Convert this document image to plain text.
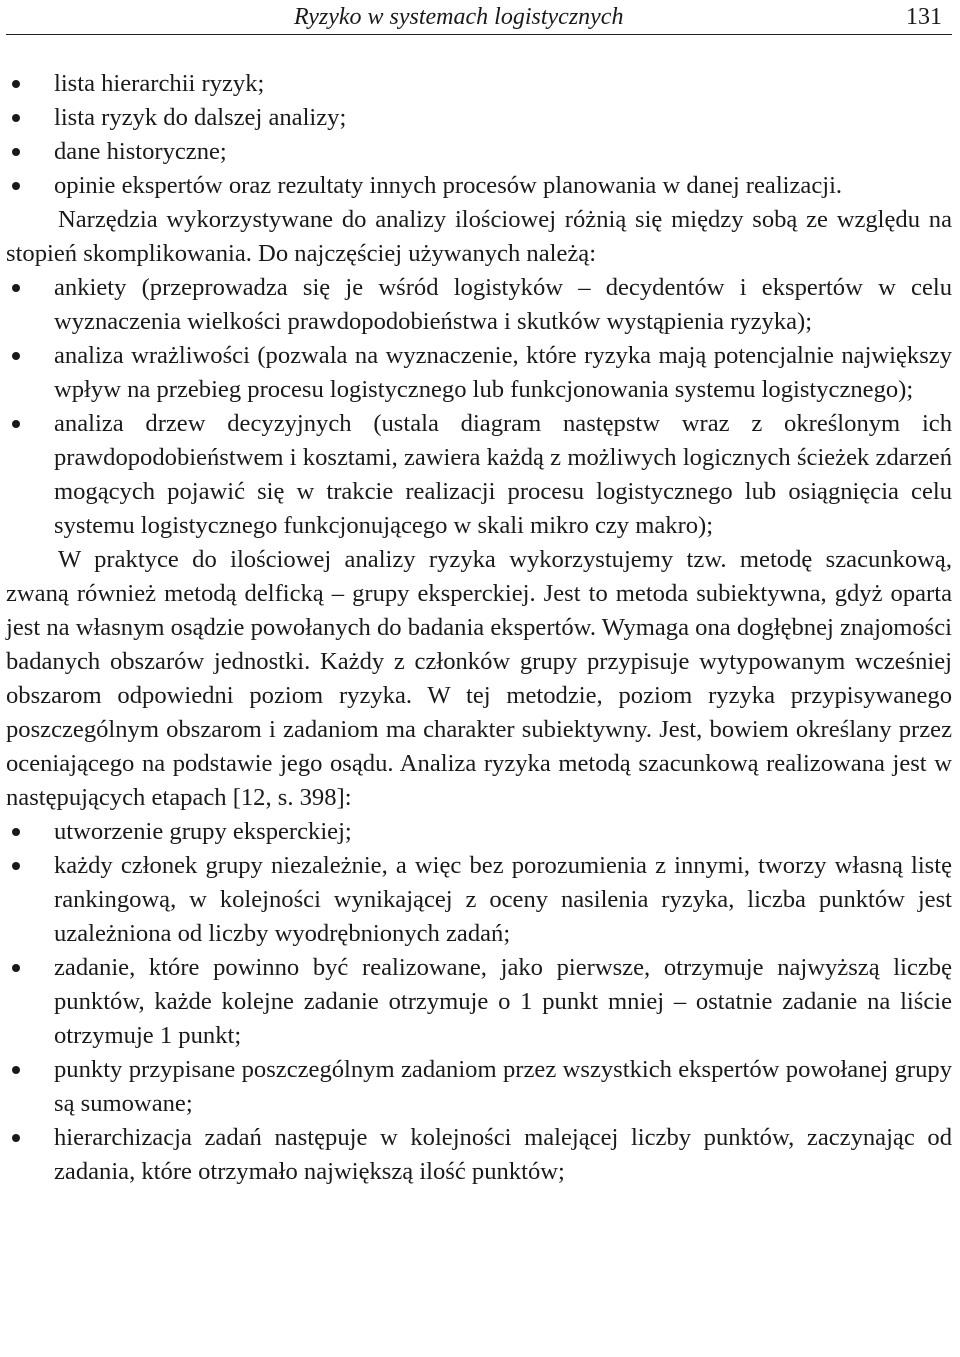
Ryzyko w systemach logistycznych	131
lista hierarchii ryzyk;
lista ryzyk do dalszej analizy;
dane historyczne;
opinie ekspertów oraz rezultaty innych procesów planowania w danej realizacji.

Narzędzia wykorzystywane do analizy ilościowej różnią się między sobą ze względu na stopień skomplikowania. Do najczęściej używanych należą:

ankiety (przeprowadza się je wśród logistyków – decydentów i ekspertów w celu wyznaczenia wielkości prawdopodobieństwa i skutków wystąpienia ryzyka);
analiza wrażliwości (pozwala na wyznaczenie, które ryzyka mają potencjalnie największy wpływ na przebieg procesu logistycznego lub funkcjonowania systemu logistycznego);
analiza drzew decyzyjnych (ustala diagram następstw wraz z określonym ich prawdopodobieństwem i kosztami, zawiera każdą z możliwych logicznych ścieżek zdarzeń mogących pojawić się w trakcie realizacji procesu logistycznego lub osiągnięcia celu systemu logistycznego funkcjonującego w skali mikro czy makro);

W praktyce do ilościowej analizy ryzyka wykorzystujemy tzw. metodę szacunkową, zwaną również metodą delficką – grupy eksperckiej. Jest to metoda subiektywna, gdyż oparta jest na własnym osądzie powołanych do badania ekspertów. Wymaga ona dogłębnej znajomości badanych obszarów jednostki. Każdy z członków grupy przypisuje wytypowanym wcześniej obszarom odpowiedni poziom ryzyka. W tej metodzie, poziom ryzyka przypisywanego poszczególnym obszarom i zadaniom ma charakter subiektywny. Jest, bowiem określany przez oceniającego na podstawie jego osądu. Analiza ryzyka metodą szacunkową realizowana jest w następujących etapach [12, s. 398]:

utworzenie grupy eksperckiej;
każdy członek grupy niezależnie, a więc bez porozumienia z innymi, tworzy własną listę rankingową, w kolejności wynikającej z oceny nasilenia ryzyka, liczba punktów jest uzależniona od liczby wyodrębnionych zadań;
zadanie, które powinno być realizowane, jako pierwsze, otrzymuje najwyższą liczbę punktów, każde kolejne zadanie otrzymuje o 1 punkt mniej – ostatnie zadanie na liście otrzymuje 1 punkt;
punkty przypisane poszczególnym zadaniom przez wszystkich ekspertów powołanej grupy są sumowane;
hierarchizacja zadań następuje w kolejności malejącej liczby punktów, zaczynając od zadania, które otrzymało największą ilość punktów;
